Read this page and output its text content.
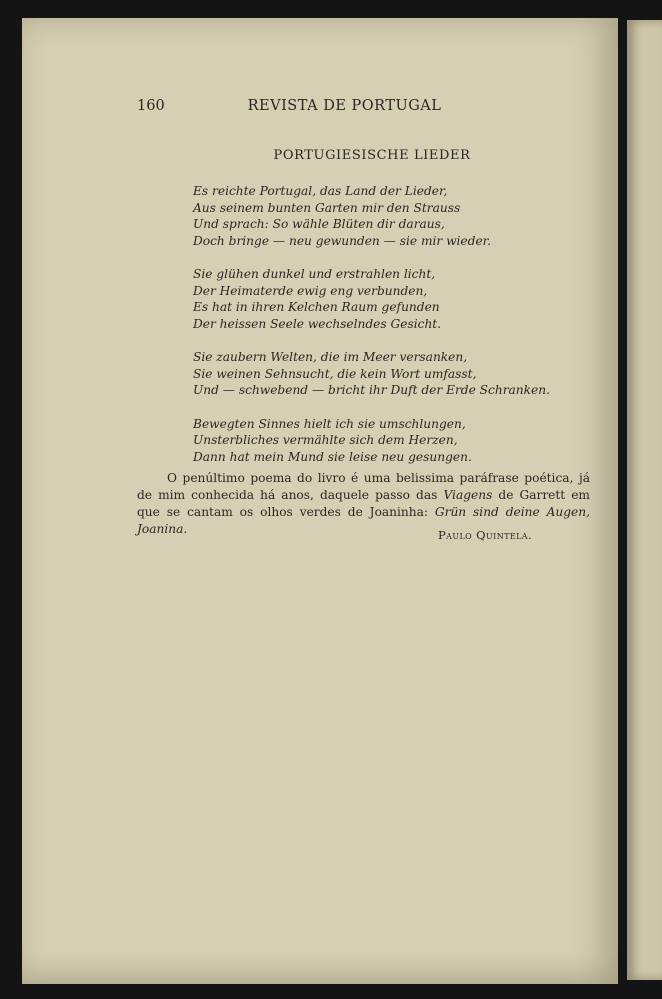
160	REVISTA DE PORTUGAL
PORTUGIESISCHE LIEDER
Es reichte Portugal, das Land der Lieder,
Aus seinem bunten Garten mir den Strauss
Und sprach: So wähle Blüten dir daraus,
Doch bringe — neu gewunden — sie mir wieder.
Sie glühen dunkel und erstrahlen licht,
Der Heimaterde ewig eng verbunden,
Es hat in ihren Kelchen Raum gefunden
Der heissen Seele wechselndes Gesicht.
Sie zaubern Welten, die im Meer versanken,
Sie weinen Sehnsucht, die kein Wort umfasst,
Und — schwebend — bricht ihr Duft der Erde Schranken.
Bewegten Sinnes hielt ich sie umschlungen,
Unsterbliches vermählte sich dem Herzen,
Dann hat mein Mund sie leise neu gesungen.

O penúltimo poema do livro é uma belissima paráfrase poética, já de mim conhecida há anos, daquele passo das Viagens de Garrett em que se cantam os olhos verdes de Joaninha: Grün sind deine Augen, Joanina.	Paulo Quintela.
